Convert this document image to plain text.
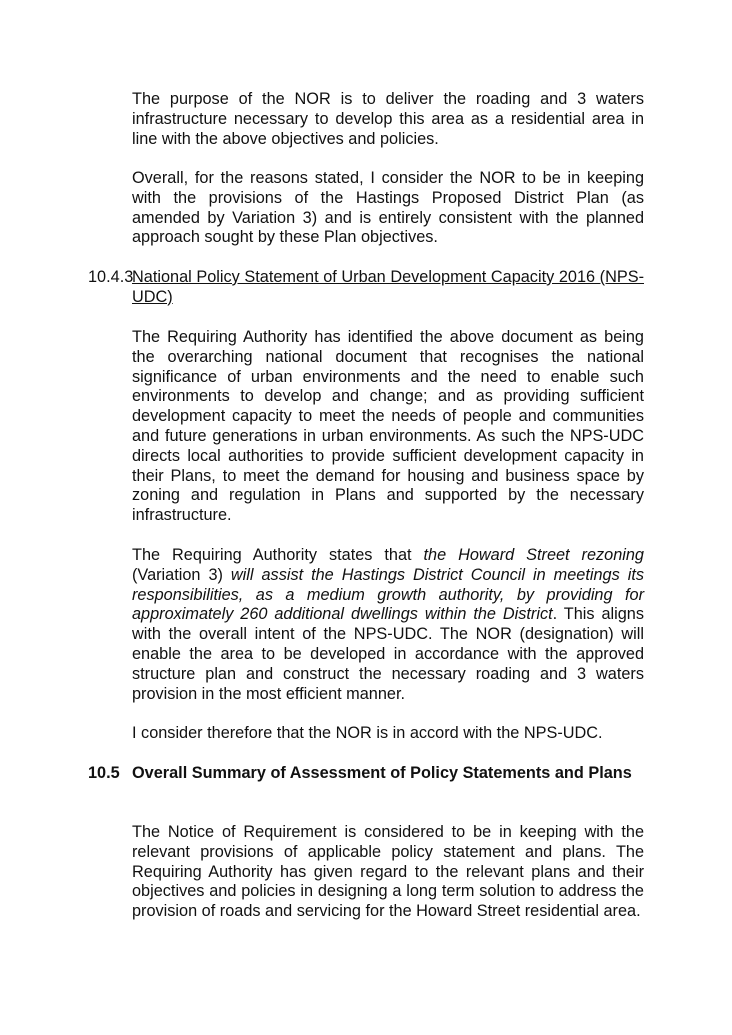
The purpose of the NOR is to deliver the roading and 3 waters infrastructure necessary to develop this area as a residential area in line with the above objectives and policies.

Overall, for the reasons stated, I consider the NOR to be in keeping with the provisions of the Hastings Proposed District Plan (as amended by Variation 3) and is entirely consistent with the planned approach sought by these Plan objectives.

10.4.3

National Policy Statement of Urban Development Capacity 2016 (NPS-UDC)

The Requiring Authority has identified the above document as being the overarching national document that recognises the national significance of urban environments and the need to enable such environments to develop and change; and as providing sufficient development capacity to meet the needs of people and communities and future generations in urban environments. As such the NPS-UDC directs local authorities to provide sufficient development capacity in their Plans, to meet the demand for housing and business space by zoning and regulation in Plans and supported by the necessary infrastructure.

The Requiring Authority states that the Howard Street rezoning (Variation 3) will assist the Hastings District Council in meetings its responsibilities, as a medium growth authority, by providing for approximately 260 additional dwellings within the District. This aligns with the overall intent of the NPS-UDC. The NOR (designation) will enable the area to be developed in accordance with the approved structure plan and construct the necessary roading and 3 waters provision in the most efficient manner.

I consider therefore that the NOR is in accord with the NPS-UDC.

10.5 Overall Summary of Assessment of Policy Statements and Plans

The Notice of Requirement is considered to be in keeping with the relevant provisions of applicable policy statement and plans. The Requiring Authority has given regard to the relevant plans and their objectives and policies in designing a long term solution to address the provision of roads and servicing for the Howard Street residential area.
